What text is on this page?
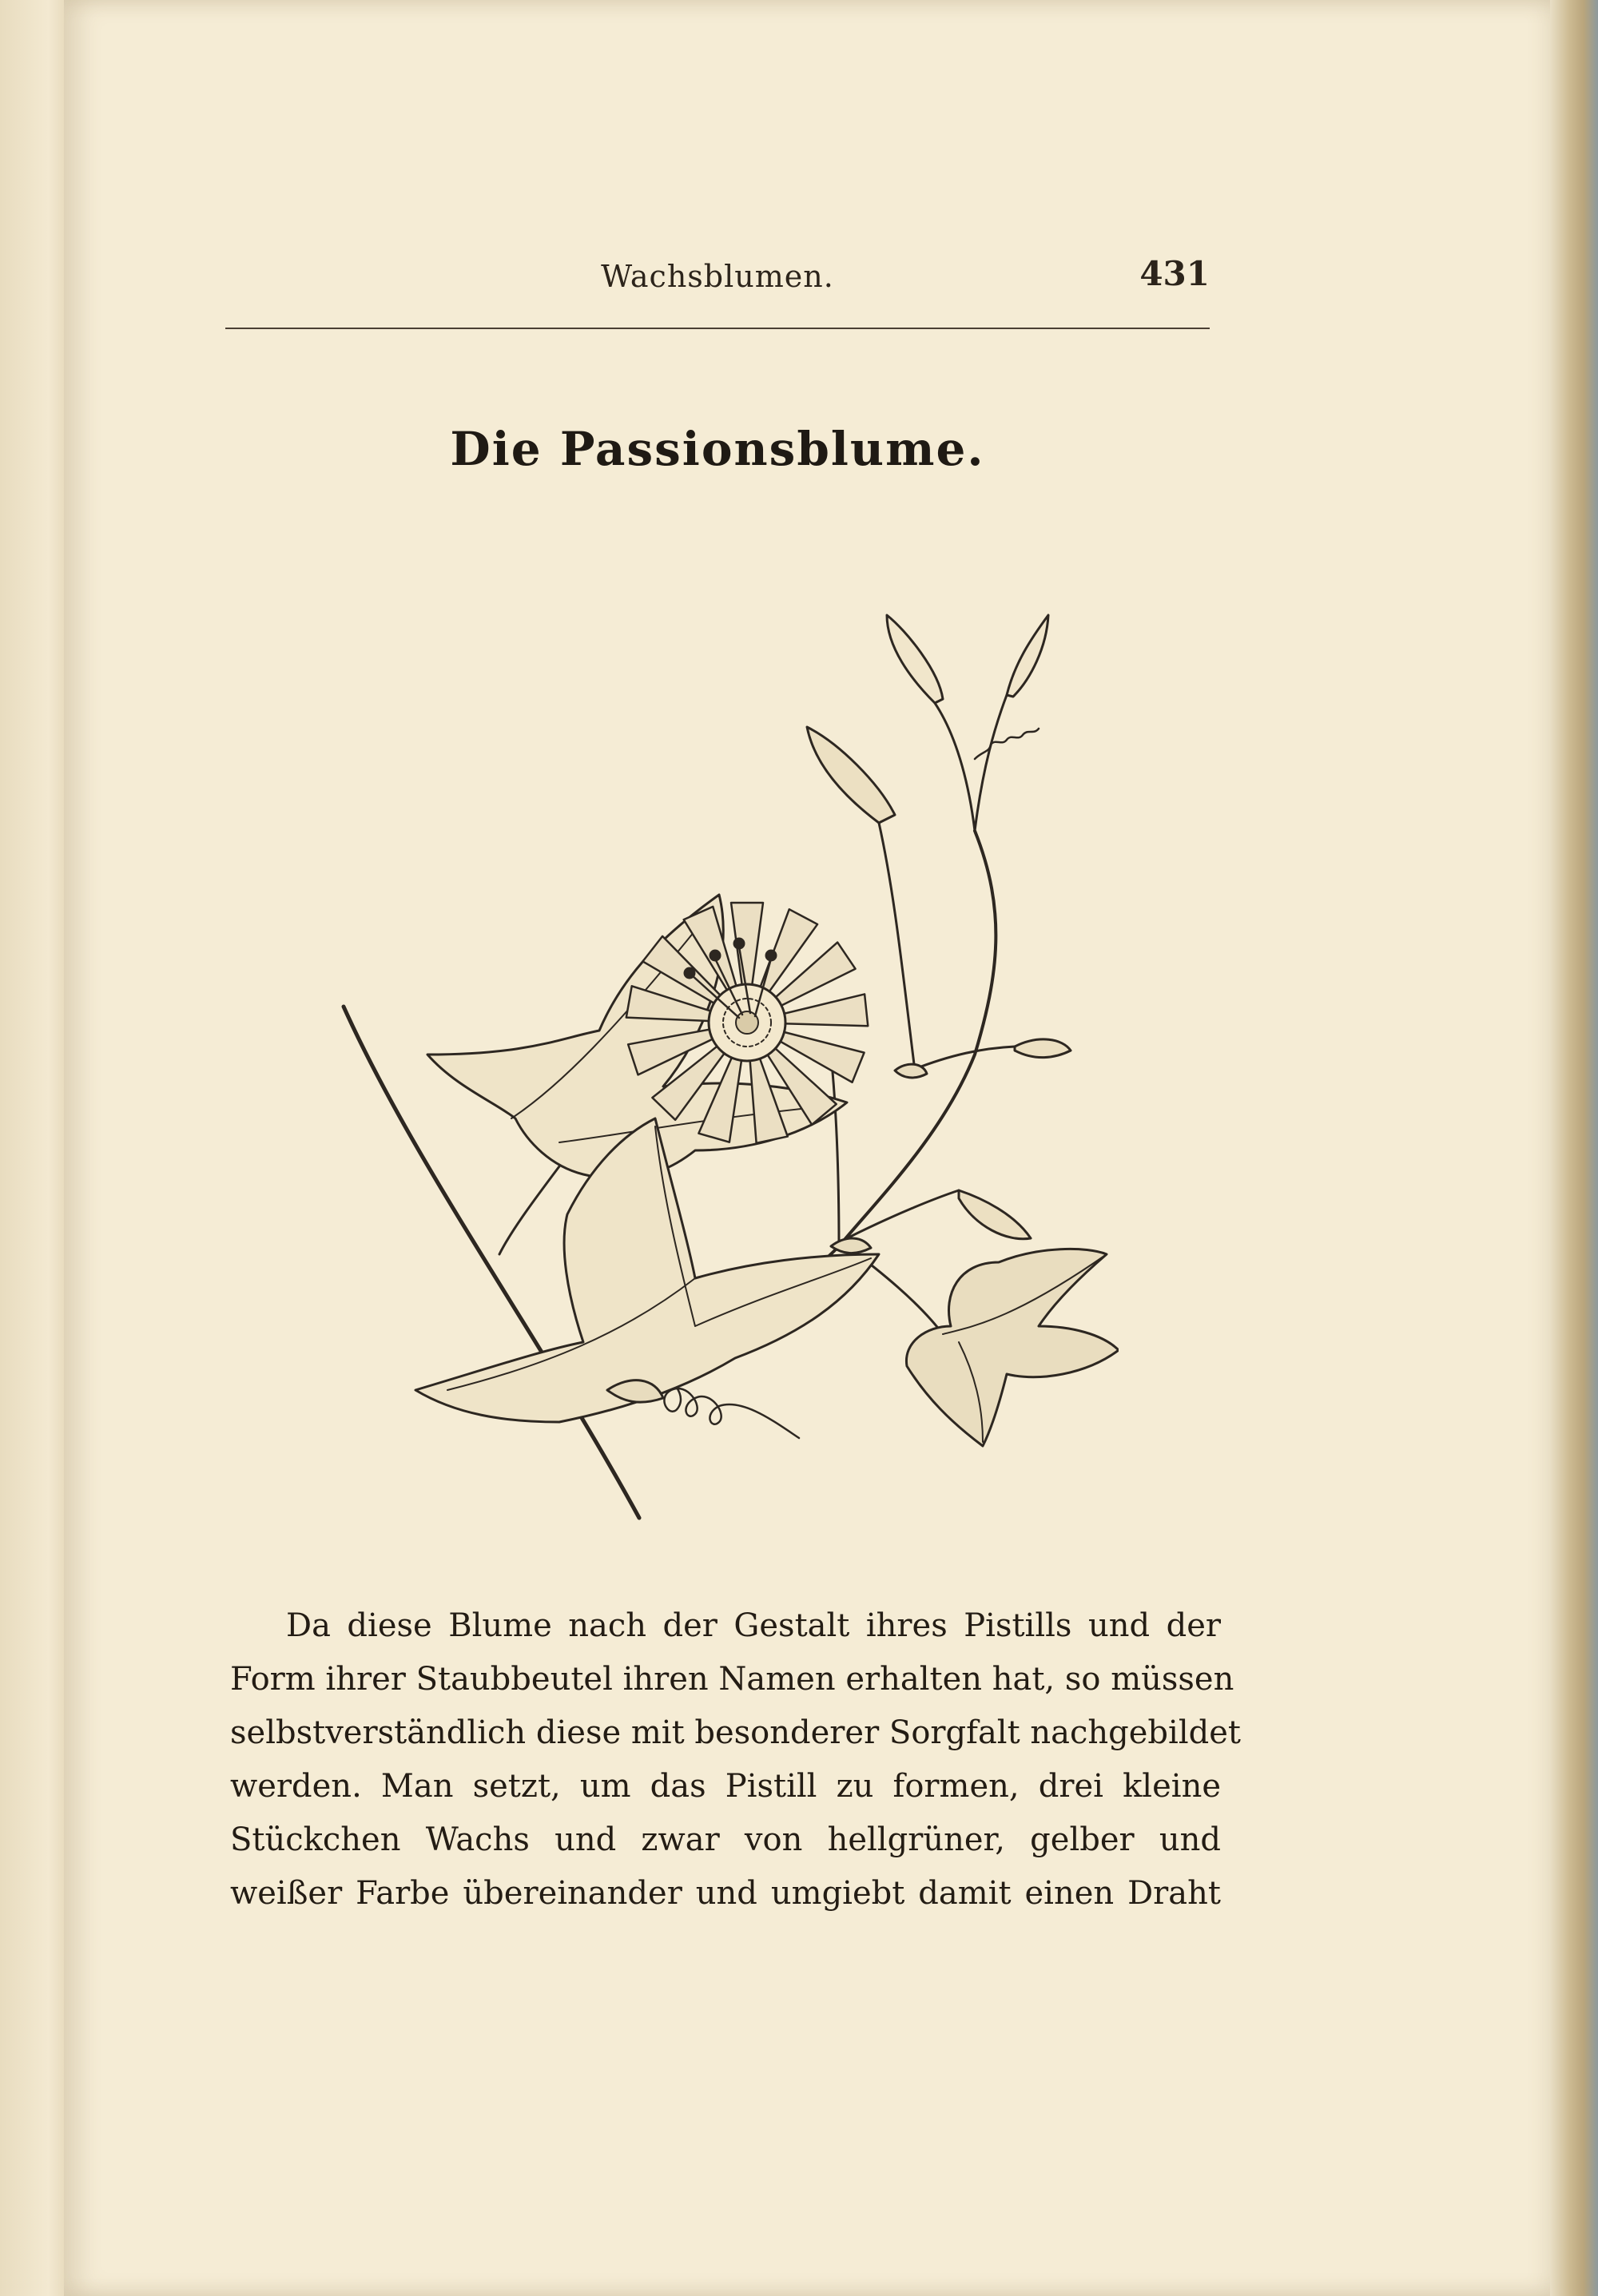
Wachsblumen.	431
Die Passionsblume.
Da diese Blume nach der Gestalt ihres Pistills und der
Form ihrer Staubbeutel ihren Namen erhalten hat, so müssen
selbstverständlich diese mit besonderer Sorgfalt nachgebildet
werden. Man setzt, um das Pistill zu formen, drei kleine
Stückchen Wachs und zwar von hellgrüner, gelber und
weißer Farbe übereinander und umgiebt damit einen Draht
